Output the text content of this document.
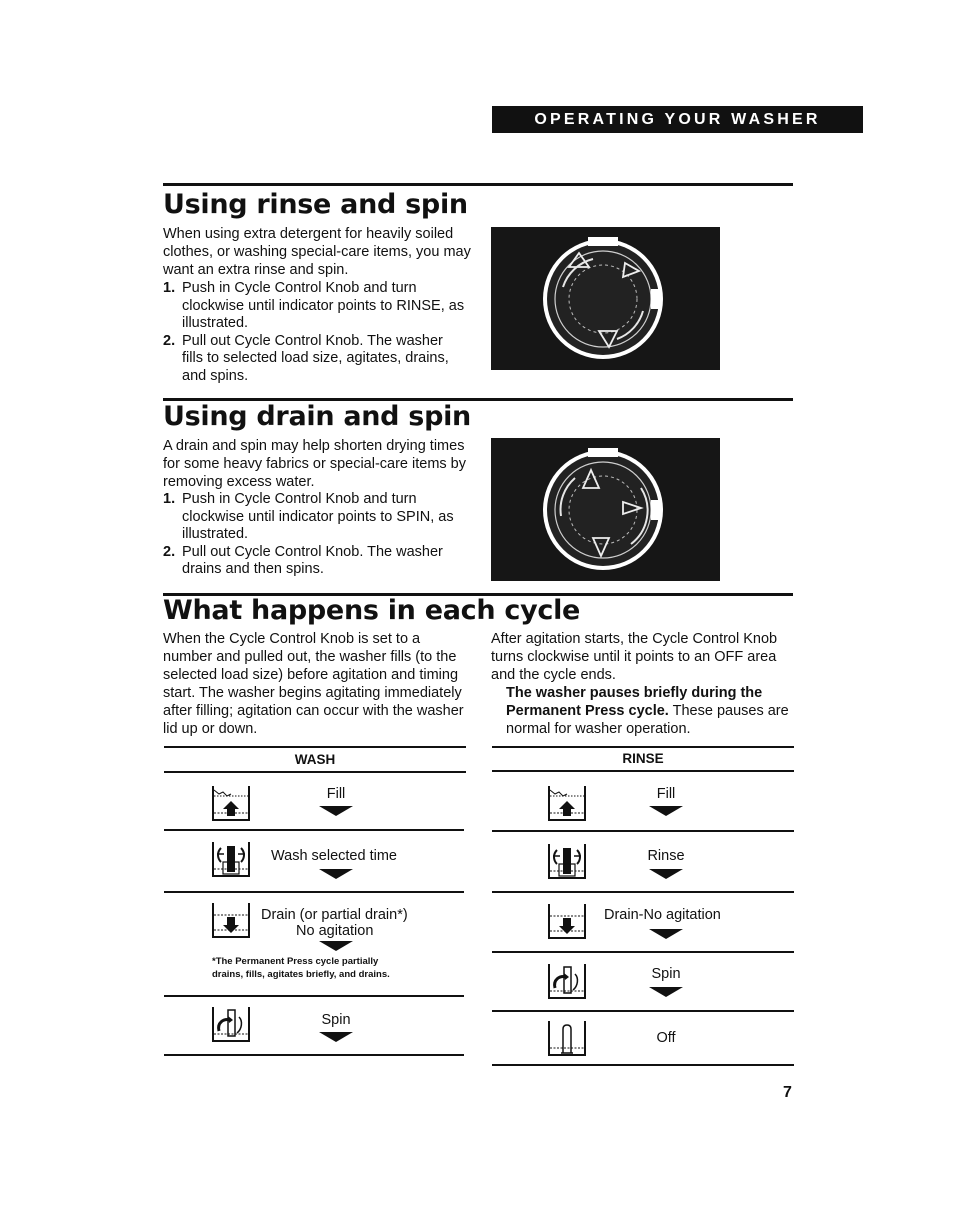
OPERATING YOUR WASHER
Using rinse and spin

When using extra detergent for heavily soiled clothes, or washing special-care items, you may want an extra rinse and spin.

1. Push in Cycle Control Knob and turn clockwise until indicator points to RINSE, as illustrated.
2. Pull out Cycle Control Knob. The washer fills to selected load size, agitates, drains, and spins.
Using drain and spin

A drain and spin may help shorten drying times for some heavy fabrics or special-care items by removing excess water.

1. Push in Cycle Control Knob and turn clockwise until indicator points to SPIN, as illustrated.
2. Pull out Cycle Control Knob. The washer drains and then spins.
What happens in each cycle

When the Cycle Control Knob is set to a number and pulled out, the washer fills (to the selected load size) before agitation and timing start. The washer begins agitating immediately after filling; agitation can occur with the washer lid up or down.

After agitation starts, the Cycle Control Knob turns clockwise until it points to an OFF area and the cycle ends.
The washer pauses briefly during the Permanent Press cycle. These pauses are normal for washer operation.

WASH
Fill
Wash selected time
Drain (or partial drain*)
No agitation
*The Permanent Press cycle partially
drains, fills, agitates briefly, and drains.
Spin
RINSE
Fill
Rinse
Drain-No agitation
Spin
Off
7
